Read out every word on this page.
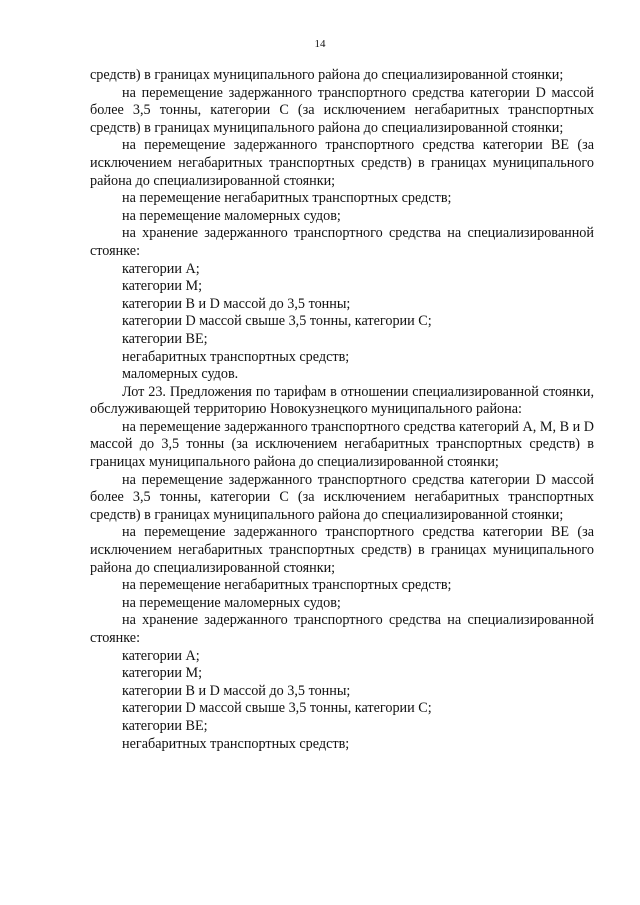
14

средств) в границах муниципального района до специализированной стоянки;

на перемещение задержанного транспортного средства категории D массой более 3,5 тонны, категории С (за исключением негабаритных транспортных средств) в границах муниципального района до специализированной стоянки;

на перемещение задержанного транспортного средства категории ВЕ (за исключением негабаритных транспортных средств) в границах муниципального района до специализированной стоянки;

на перемещение негабаритных транспортных средств;

на перемещение маломерных судов;

на хранение задержанного транспортного средства на специализированной стоянке:

категории А;

категории М;

категории В и D массой до 3,5 тонны;

категории D массой свыше 3,5 тонны, категории С;

категории ВЕ;

негабаритных транспортных средств;

маломерных судов.

Лот 23. Предложения по тарифам в отношении специализированной стоянки, обслуживающей территорию Новокузнецкого муниципального района:

на перемещение задержанного транспортного средства категорий А, М, В и D массой до 3,5 тонны (за исключением негабаритных транспортных средств) в границах муниципального района до специализированной стоянки;

на перемещение задержанного транспортного средства категории D массой более 3,5 тонны, категории С (за исключением негабаритных транспортных средств) в границах муниципального района до специализированной стоянки;

на перемещение задержанного транспортного средства категории ВЕ (за исключением негабаритных транспортных средств) в границах муниципального района до специализированной стоянки;

на перемещение негабаритных транспортных средств;

на перемещение маломерных судов;

на хранение задержанного транспортного средства на специализированной стоянке:

категории А;

категории М;

категории В и D массой до 3,5 тонны;

категории D массой свыше 3,5 тонны, категории С;

категории ВЕ;

негабаритных транспортных средств;
